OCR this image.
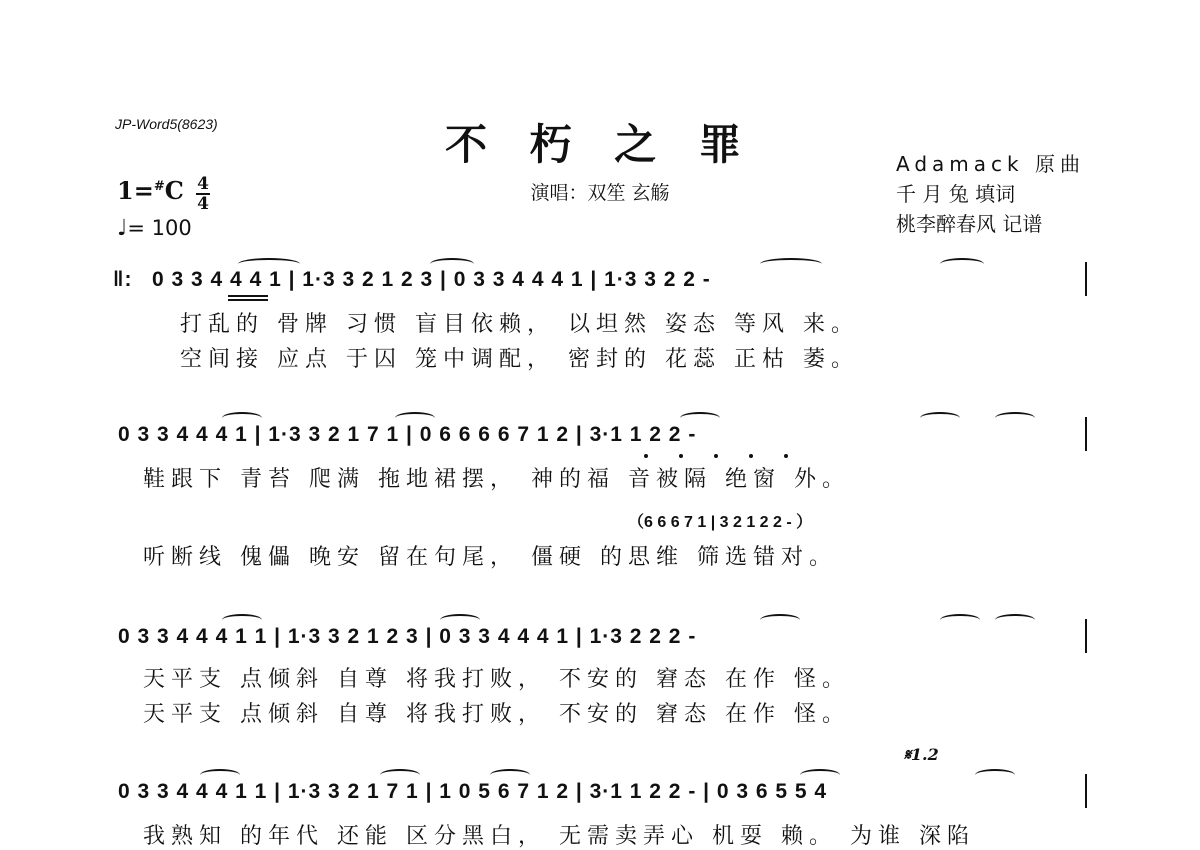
JP-Word5(8623)	不 朽 之 罪
演唱：双笙 玄觞
Adamack 原曲
千 月 兔 填词
桃李醉春风 记谱
1=#C 4
4
♩= 100
‖: 0 3 3 4 4 4 1 | 1·3 3 2 1 2 3 | 0 3 3 4 4 4 1 | 1·3 3 2 2 -
打乱的 骨牌 习惯 盲目依赖， 以坦然 姿态 等风 来。
空间接 应点 于囚 笼中调配， 密封的 花蕊 正枯 萎。
0 3 3 4 4 4 1 | 1·3 3 2 1 7 1 | 0 6 6 6 6 7 1 2 | 3·1 1 2 2 -
鞋跟下 青苔 爬满 拖地裙摆， 神的福 音被隔 绝窗 外。
（6 6 6 7 1 | 3 2 1 2 2 - ）
听断线 傀儡 晚安 留在句尾， 僵硬 的思维 筛选错对。
0 3 3 4 4 4 1 1 | 1·3 3 2 1 2 3 | 0 3 3 4 4 4 1 | 1·3 2 2 2 -
天平支 点倾斜 自尊 将我打败， 不安的 窘态 在作 怪。
天平支 点倾斜 自尊 将我打败， 不安的 窘态 在作 怪。
𝄋1.2
0 3 3 4 4 4 1 1 | 1·3 3 2 1 7 1 | 1 0 5 6 7 1 2 | 3·1 1 2 2 - | 0 3 6 5 5 4
我熟知 的年代 还能 区分黑白， 无需卖弄心 机耍 赖。 为谁 深陷
